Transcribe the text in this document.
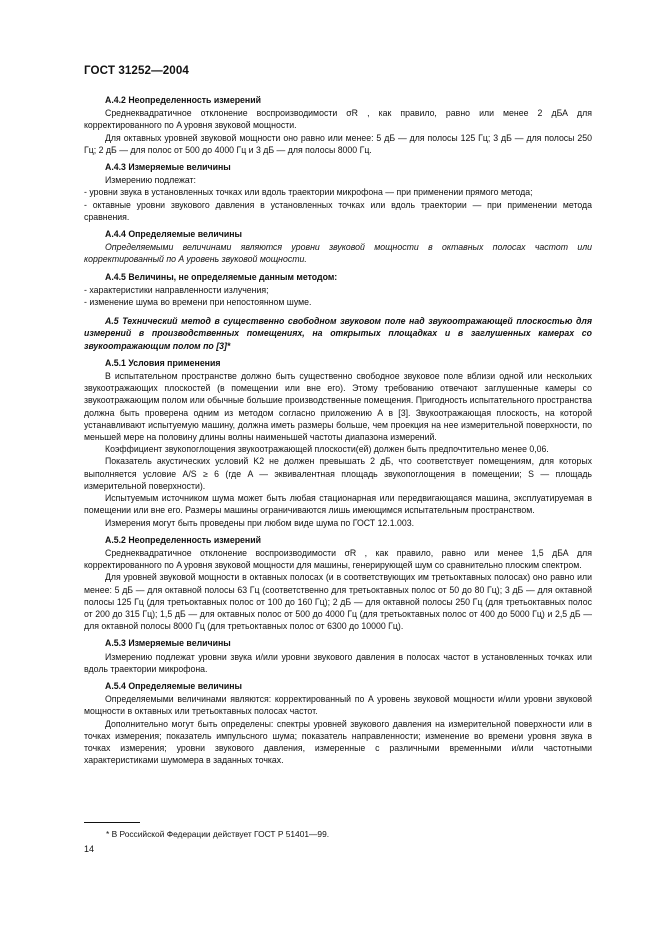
ГОСТ 31252—2004

А.4.2 Неопределенность измерений

Среднеквадратичное отклонение воспроизводимости σR , как правило, равно или менее 2 дБА для корректированного по A уровня звуковой мощности.

Для октавных уровней звуковой мощности оно равно или менее: 5 дБ — для полосы 125 Гц; 3 дБ — для полосы 250 Гц; 2 дБ — для полос от 500 до 4000 Гц и 3 дБ — для полосы 8000 Гц.

А.4.3 Измеряемые величины

Измерению подлежат:

- уровни звука в установленных точках или вдоль траектории микрофона — при применении прямого метода;

- октавные уровни звукового давления в установленных точках или вдоль траектории — при применении метода сравнения.

А.4.4 Определяемые величины

Определяемыми величинами являются уровни звуковой мощности в октавных полосах частот или корректированный по A уровень звуковой мощности.

А.4.5 Величины, не определяемые данным методом:

- характеристики направленности излучения;

- изменение шума во времени при непостоянном шуме.

А.5 Технический метод в существенно свободном звуковом поле над звукоотражающей плоскостью для измерений в производственных помещениях, на открытых площадках и в заглушенных камерах со звукоотражающим полом по [3]*

А.5.1 Условия применения

В испытательном пространстве должно быть существенно свободное звуковое поле вблизи одной или нескольких звукоотражающих плоскостей (в помещении или вне его). Этому требованию отвечают заглушенные камеры со звукоотражающим полом или обычные большие производственные помещения. Пригодность испытательного пространства должна быть проверена одним из методом согласно приложению А в [3]. Звукоотражающая плоскость, на которой устанавливают испытуемую машину, должна иметь размеры больше, чем проекция на нее измерительной поверхности, по меньшей мере на половину длины волны наименьшей частоты диапазона измерений.

Коэффициент звукопоглощения звукоотражающей плоскости(ей) должен быть предпочтительно менее 0,06.

Показатель акустических условий K2 не должен превышать 2 дБ, что соответствует помещениям, для которых выполняется условие A/S ≥ 6 (где A — эквивалентная площадь звукопоглощения в помещении; S — площадь измерительной поверхности).

Испытуемым источником шума может быть любая стационарная или передвигающаяся машина, эксплуатируемая в помещении или вне его. Размеры машины ограничиваются лишь имеющимся испытательным пространством.

Измерения могут быть проведены при любом виде шума по ГОСТ 12.1.003.

А.5.2 Неопределенность измерений

Среднеквадратичное отклонение воспроизводимости σR , как правило, равно или менее 1,5 дБА для корректированного по A уровня звуковой мощности для машины, генерирующей шум со сравнительно плоским спектром.

Для уровней звуковой мощности в октавных полосах (и в соответствующих им третьоктавных полосах) оно равно или менее: 5 дБ — для октавной полосы 63 Гц (соответственно для третьоктавных полос от 50 до 80 Гц); 3 дБ — для октавной полосы 125 Гц (для третьоктавных полос от 100 до 160 Гц); 2 дБ — для октавной полосы 250 Гц (для третьоктавных полос от 200 до 315 Гц); 1,5 дБ — для октавных полос от 500 до 4000 Гц (для третьоктавных полос от 400 до 5000 Гц) и 2,5 дБ — для октавной полосы 8000 Гц (для третьоктавных полос от 6300 до 10000 Гц).

А.5.3 Измеряемые величины

Измерению подлежат уровни звука и/или уровни звукового давления в полосах частот в установленных точках или вдоль траектории микрофона.

А.5.4 Определяемые величины

Определяемыми величинами являются: корректированный по A уровень звуковой мощности и/или уровни звуковой мощности в октавных или третьоктавных полосах частот.

Дополнительно могут быть определены: спектры уровней звукового давления на измерительной поверхности или в точках измерения; показатель импульсного шума; показатель направленности; изменение во времени уровня звука в точках измерения; уровни звукового давления, измеренные с различными временными и/или частотными характеристиками шумомера в заданных точках.

* В Российской Федерации действует ГОСТ Р 51401—99.
14
